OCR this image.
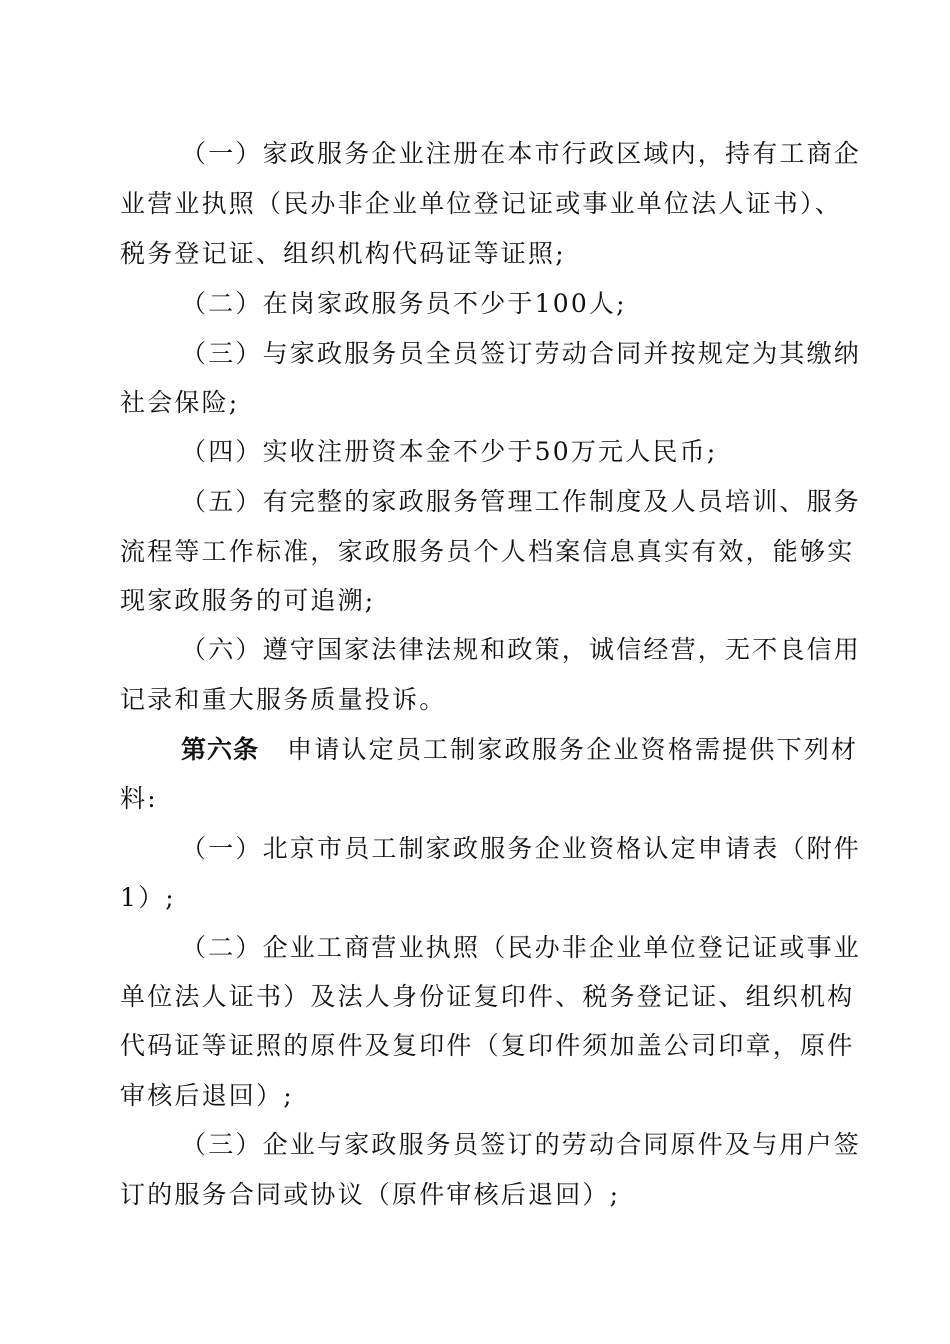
（一）家政服务企业注册在本市行政区域内，持有工商企
业营业执照（民办非企业单位登记证或事业单位法人证书）、
税务登记证、组织机构代码证等证照;
（二）在岗家政服务员不少于100人;
（三）与家政服务员全员签订劳动合同并按规定为其缴纳
社会保险;
（四）实收注册资本金不少于50万元人民币;
（五）有完整的家政服务管理工作制度及人员培训、服务
流程等工作标准，家政服务员个人档案信息真实有效，能够实
现家政服务的可追溯;
（六）遵守国家法律法规和政策，诚信经营，无不良信用
记录和重大服务质量投诉。
第六条 申请认定员工制家政服务企业资格需提供下列材
料:
（一）北京市员工制家政服务企业资格认定申请表（附件
1）;
（二）企业工商营业执照（民办非企业单位登记证或事业
单位法人证书）及法人身份证复印件、税务登记证、组织机构
代码证等证照的原件及复印件（复印件须加盖公司印章，原件
审核后退回）;
（三）企业与家政服务员签订的劳动合同原件及与用户签
订的服务合同或协议（原件审核后退回）;
